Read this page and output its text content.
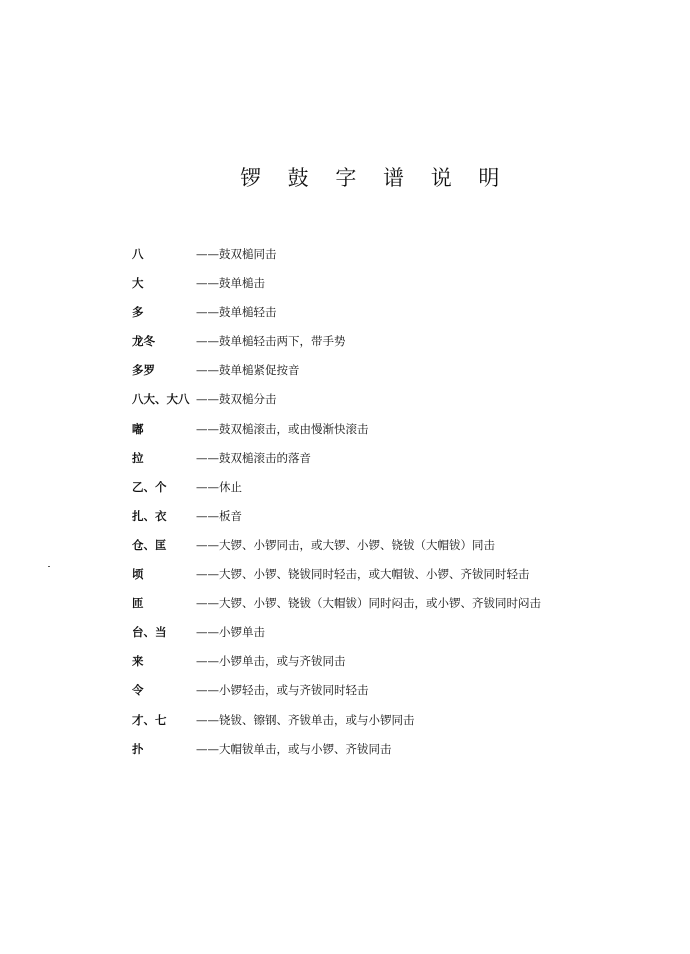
锣 鼓 字 谱 说 明
八	——鼓双槌同击
大	——鼓单槌击
多	——鼓单槌轻击
龙冬	——鼓单槌轻击两下，带手势
多罗	——鼓单槌紧促按音
八大、大八 ——鼓双槌分击
嘟	——鼓双槌滚击，或由慢渐快滚击
拉	——鼓双槌滚击的落音
乙、个	——休止
扎、衣	——板音
仓、匡	——大锣、小锣同击，或大锣、小锣、铙钹（大帽钹）同击
顷	——大锣、小锣、铙钹同时轻击，或大帽钹、小锣、齐钹同时轻击
匝	——大锣、小锣、铙钹（大帽钹）同时闷击，或小锣、齐钹同时闷击
台、当	——小锣单击
来	——小锣单击，或与齐钹同击
令	——小锣轻击，或与齐钹同时轻击
才、七	——铙钹、镲钢、齐钹单击，或与小锣同击
扑	——大帽钹单击，或与小锣、齐钹同击
